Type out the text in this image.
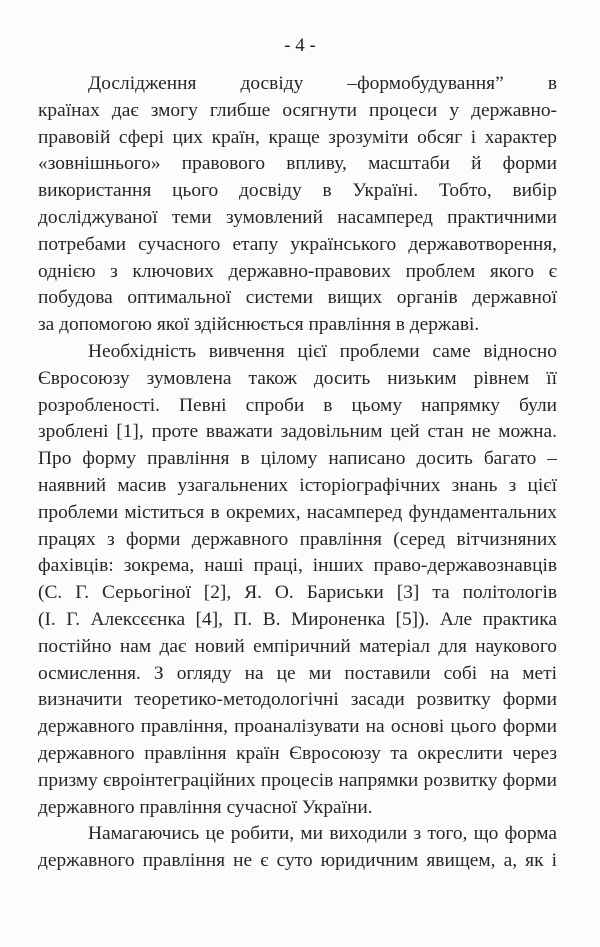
- 4 -
Дослідження досвіду –формобудування” в
країнах дає змогу глибше осягнути процеси у державно-
правовій сфері цих країн, краще зрозуміти обсяг і характер
«зовнішнього» правового впливу, масштаби й форми
використання цього досвіду в Україні. Тобто, вибір
досліджуваної теми зумовлений насамперед практичними
потребами сучасного етапу українського державотворення,
однією з ключових державно-правових проблем якого є
побудова оптимальної системи вищих органів державної
за допомогою якої здійснюється правління в державі.
Необхідність вивчення цієї проблеми саме відносно
Євросоюзу зумовлена також досить низьким рівнем її
розробленості. Певні спроби в цьому напрямку були
зроблені [1], проте вважати задовільним цей стан не можна.
Про форму правління в цілому написано досить багато –
наявний масив узагальнених історіографічних знань з цієї
проблеми міститься в окремих, насамперед фундаментальних
працях з форми державного правління (серед вітчизняних
фахівців: зокрема, наші праці, інших право-державознавців
(С. Г. Серьогіної [2], Я. О. Бариськи [3] та політологів
(І. Г. Алексєєнка [4], П. В. Мироненка [5]). Але практика
постійно нам дає новий емпіричний матеріал для наукового
осмислення. З огляду на це ми поставили собі на меті
визначити теоретико-методологічні засади розвитку форми
державного правління, проаналізувати на основі цього форми
державного правління країн Євросоюзу та окреслити через
призму євроінтеграційних процесів напрямки розвитку форми
державного правління сучасної України.
Намагаючись це робити, ми виходили з того, що форма
державного правління не є суто юридичним явищем, а, як і
